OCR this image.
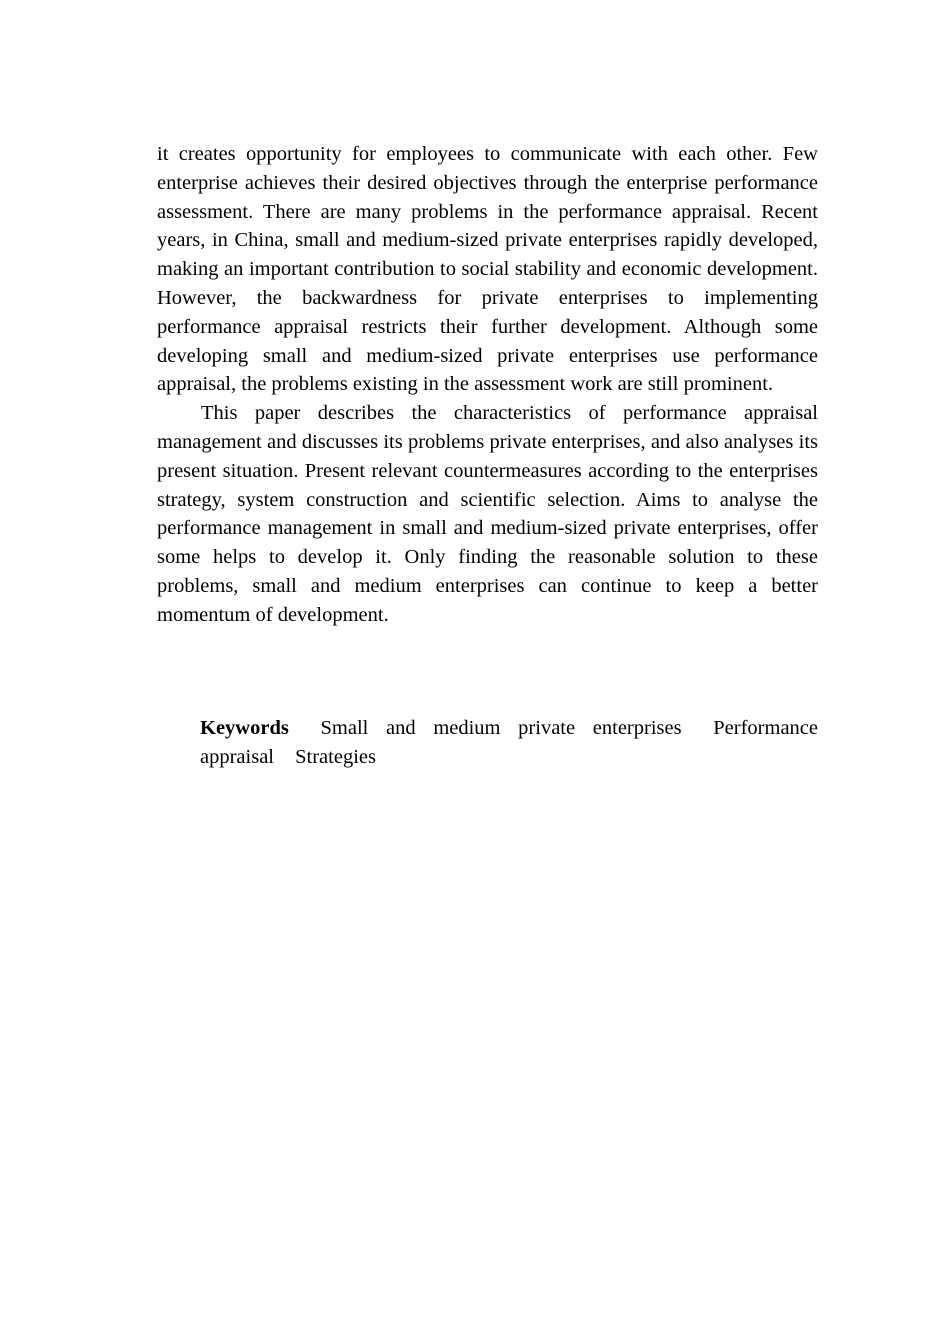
it creates opportunity for employees to communicate with each other. Few enterprise achieves their desired objectives through the enterprise performance assessment. There are many problems in the performance appraisal. Recent years, in China, small and medium-sized private enterprises rapidly developed, making an important contribution to social stability and economic development. However, the backwardness for private enterprises to implementing performance appraisal restricts their further development. Although some developing small and medium-sized private enterprises use performance appraisal, the problems existing in the assessment work are still prominent.

This paper describes the characteristics of performance appraisal management and discusses its problems private enterprises, and also analyses its present situation. Present relevant countermeasures according to the enterprises strategy, system construction and scientific selection. Aims to analyse the performance management in small and medium-sized private enterprises, offer some helps to develop it. Only finding the reasonable solution to these problems, small and medium enterprises can continue to keep a better momentum of development.

Keywords Small and medium private enterprises Performance appraisal Strategies
